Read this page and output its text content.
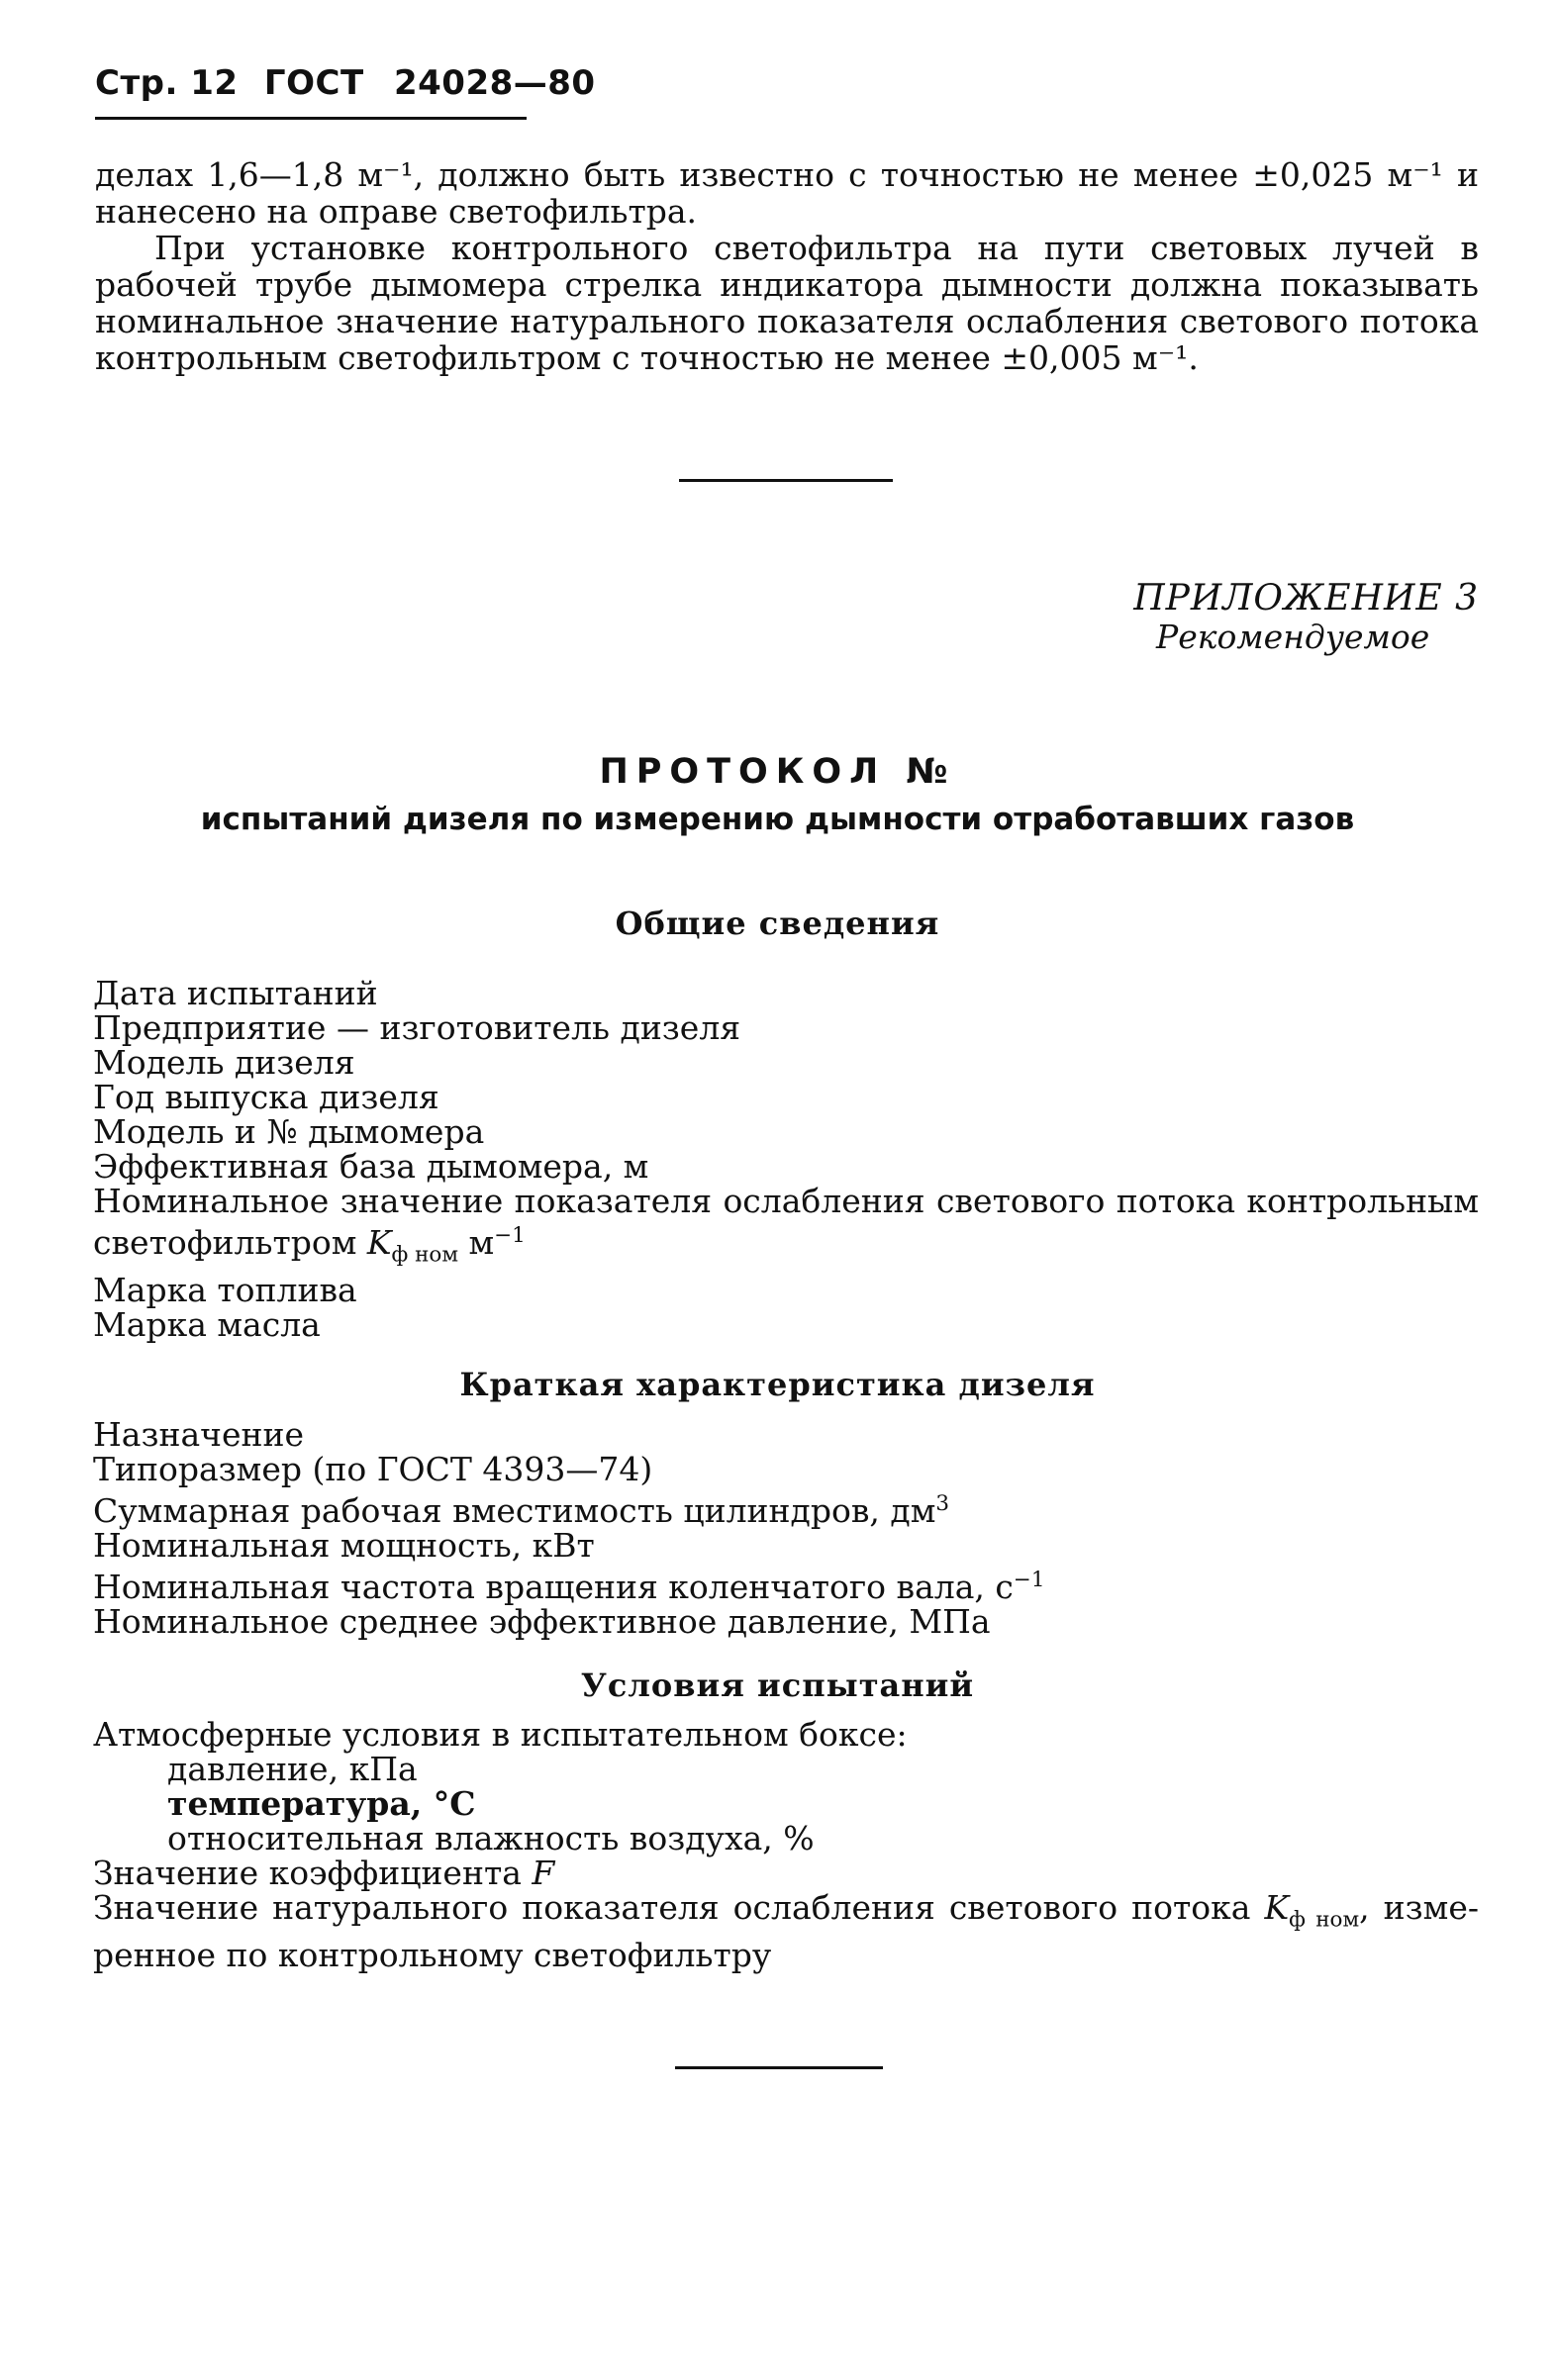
Стр. 12 ГОСТ 24028—80

делах 1,6—1,8 м⁻¹, должно быть известно с точностью не менее ±0,025 м⁻¹ и нанесено на оправе светофильтра.

При установке контрольного светофильтра на пути световых лучей в рабочей трубе дымомера стрелка индикатора дымности должна показывать номинальное значение натурального показателя ослабления светового потока контрольным светофильтром с точностью не менее ±0,005 м⁻¹.

ПРИЛОЖЕНИЕ 3
Рекомендуемое
ПРОТОКОЛ №
испытаний дизеля по измерению дымности отработавших газов
Общие сведения
Дата испытаний
Предприятие — изготовитель дизеля
Модель дизеля
Год выпуска дизеля
Модель и № дымомера
Эффективная база дымомера, м
Номинальное значение показателя ослабления светового потока контрольным
светофильтром $K_{ф ном}$ $м^{-1}$
Марка топлива
Марка масла
Краткая характеристика дизеля
Назначение
Типоразмер (по ГОСТ 4393—74)
Суммарная рабочая вместимость цилиндров, $дм^3$
Номинальная мощность, кВт
Номинальная частота вращения коленчатого вала, $с^{-1}$
Номинальное среднее эффективное давление, МПа
Условия испытаний
Атмосферные условия в испытательном боксе:
давление, кПа
температура, °С
относительная влажность воздуха, %
Значение коэффициента F
Значение натурального показателя ослабления светового потока $K_{ф ном}$, изме-
ренное по контрольному светофильтру
